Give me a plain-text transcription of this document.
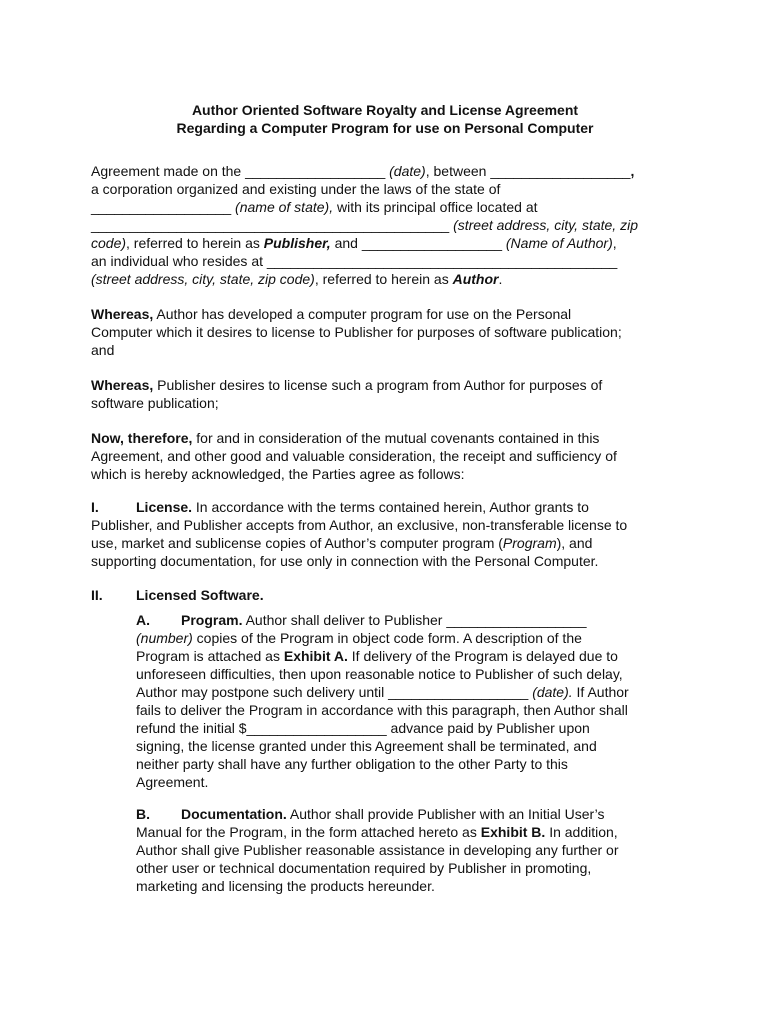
Author Oriented Software Royalty and License Agreement
Regarding a Computer Program for use on Personal Computer
Agreement made on the __________________ (date), between __________________,
a corporation organized and existing under the laws of the state of
__________________ (name of state), with its principal office located at
______________________________________________ (street address, city, state, zip
code), referred to herein as Publisher, and __________________ (Name of Author),
an individual who resides at _____________________________________________
(street address, city, state, zip code), referred to herein as Author.
Whereas, Author has developed a computer program for use on the Personal
Computer which it desires to license to Publisher for purposes of software publication;
and
Whereas, Publisher desires to license such a program from Author for purposes of
software publication;
Now, therefore, for and in consideration of the mutual covenants contained in this
Agreement, and other good and valuable consideration, the receipt and sufficiency of
which is hereby acknowledged, the Parties agree as follows:
I.	License. In accordance with the terms contained herein, Author grants to
Publisher, and Publisher accepts from Author, an exclusive, non-transferable license to
use, market and sublicense copies of Author’s computer program (Program), and
supporting documentation, for use only in connection with the Personal Computer.
II. Licensed Software.
A. Program. Author shall deliver to Publisher __________________
(number) copies of the Program in object code form. A description of the
Program is attached as Exhibit A. If delivery of the Program is delayed due to
unforeseen difficulties, then upon reasonable notice to Publisher of such delay,
Author may postpone such delivery until __________________ (date). If Author
fails to deliver the Program in accordance with this paragraph, then Author shall
refund the initial $__________________ advance paid by Publisher upon
signing, the license granted under this Agreement shall be terminated, and
neither party shall have any further obligation to the other Party to this
Agreement.
B. Documentation. Author shall provide Publisher with an Initial User’s
Manual for the Program, in the form attached hereto as Exhibit B. In addition,
Author shall give Publisher reasonable assistance in developing any further or
other user or technical documentation required by Publisher in promoting,
marketing and licensing the products hereunder.
